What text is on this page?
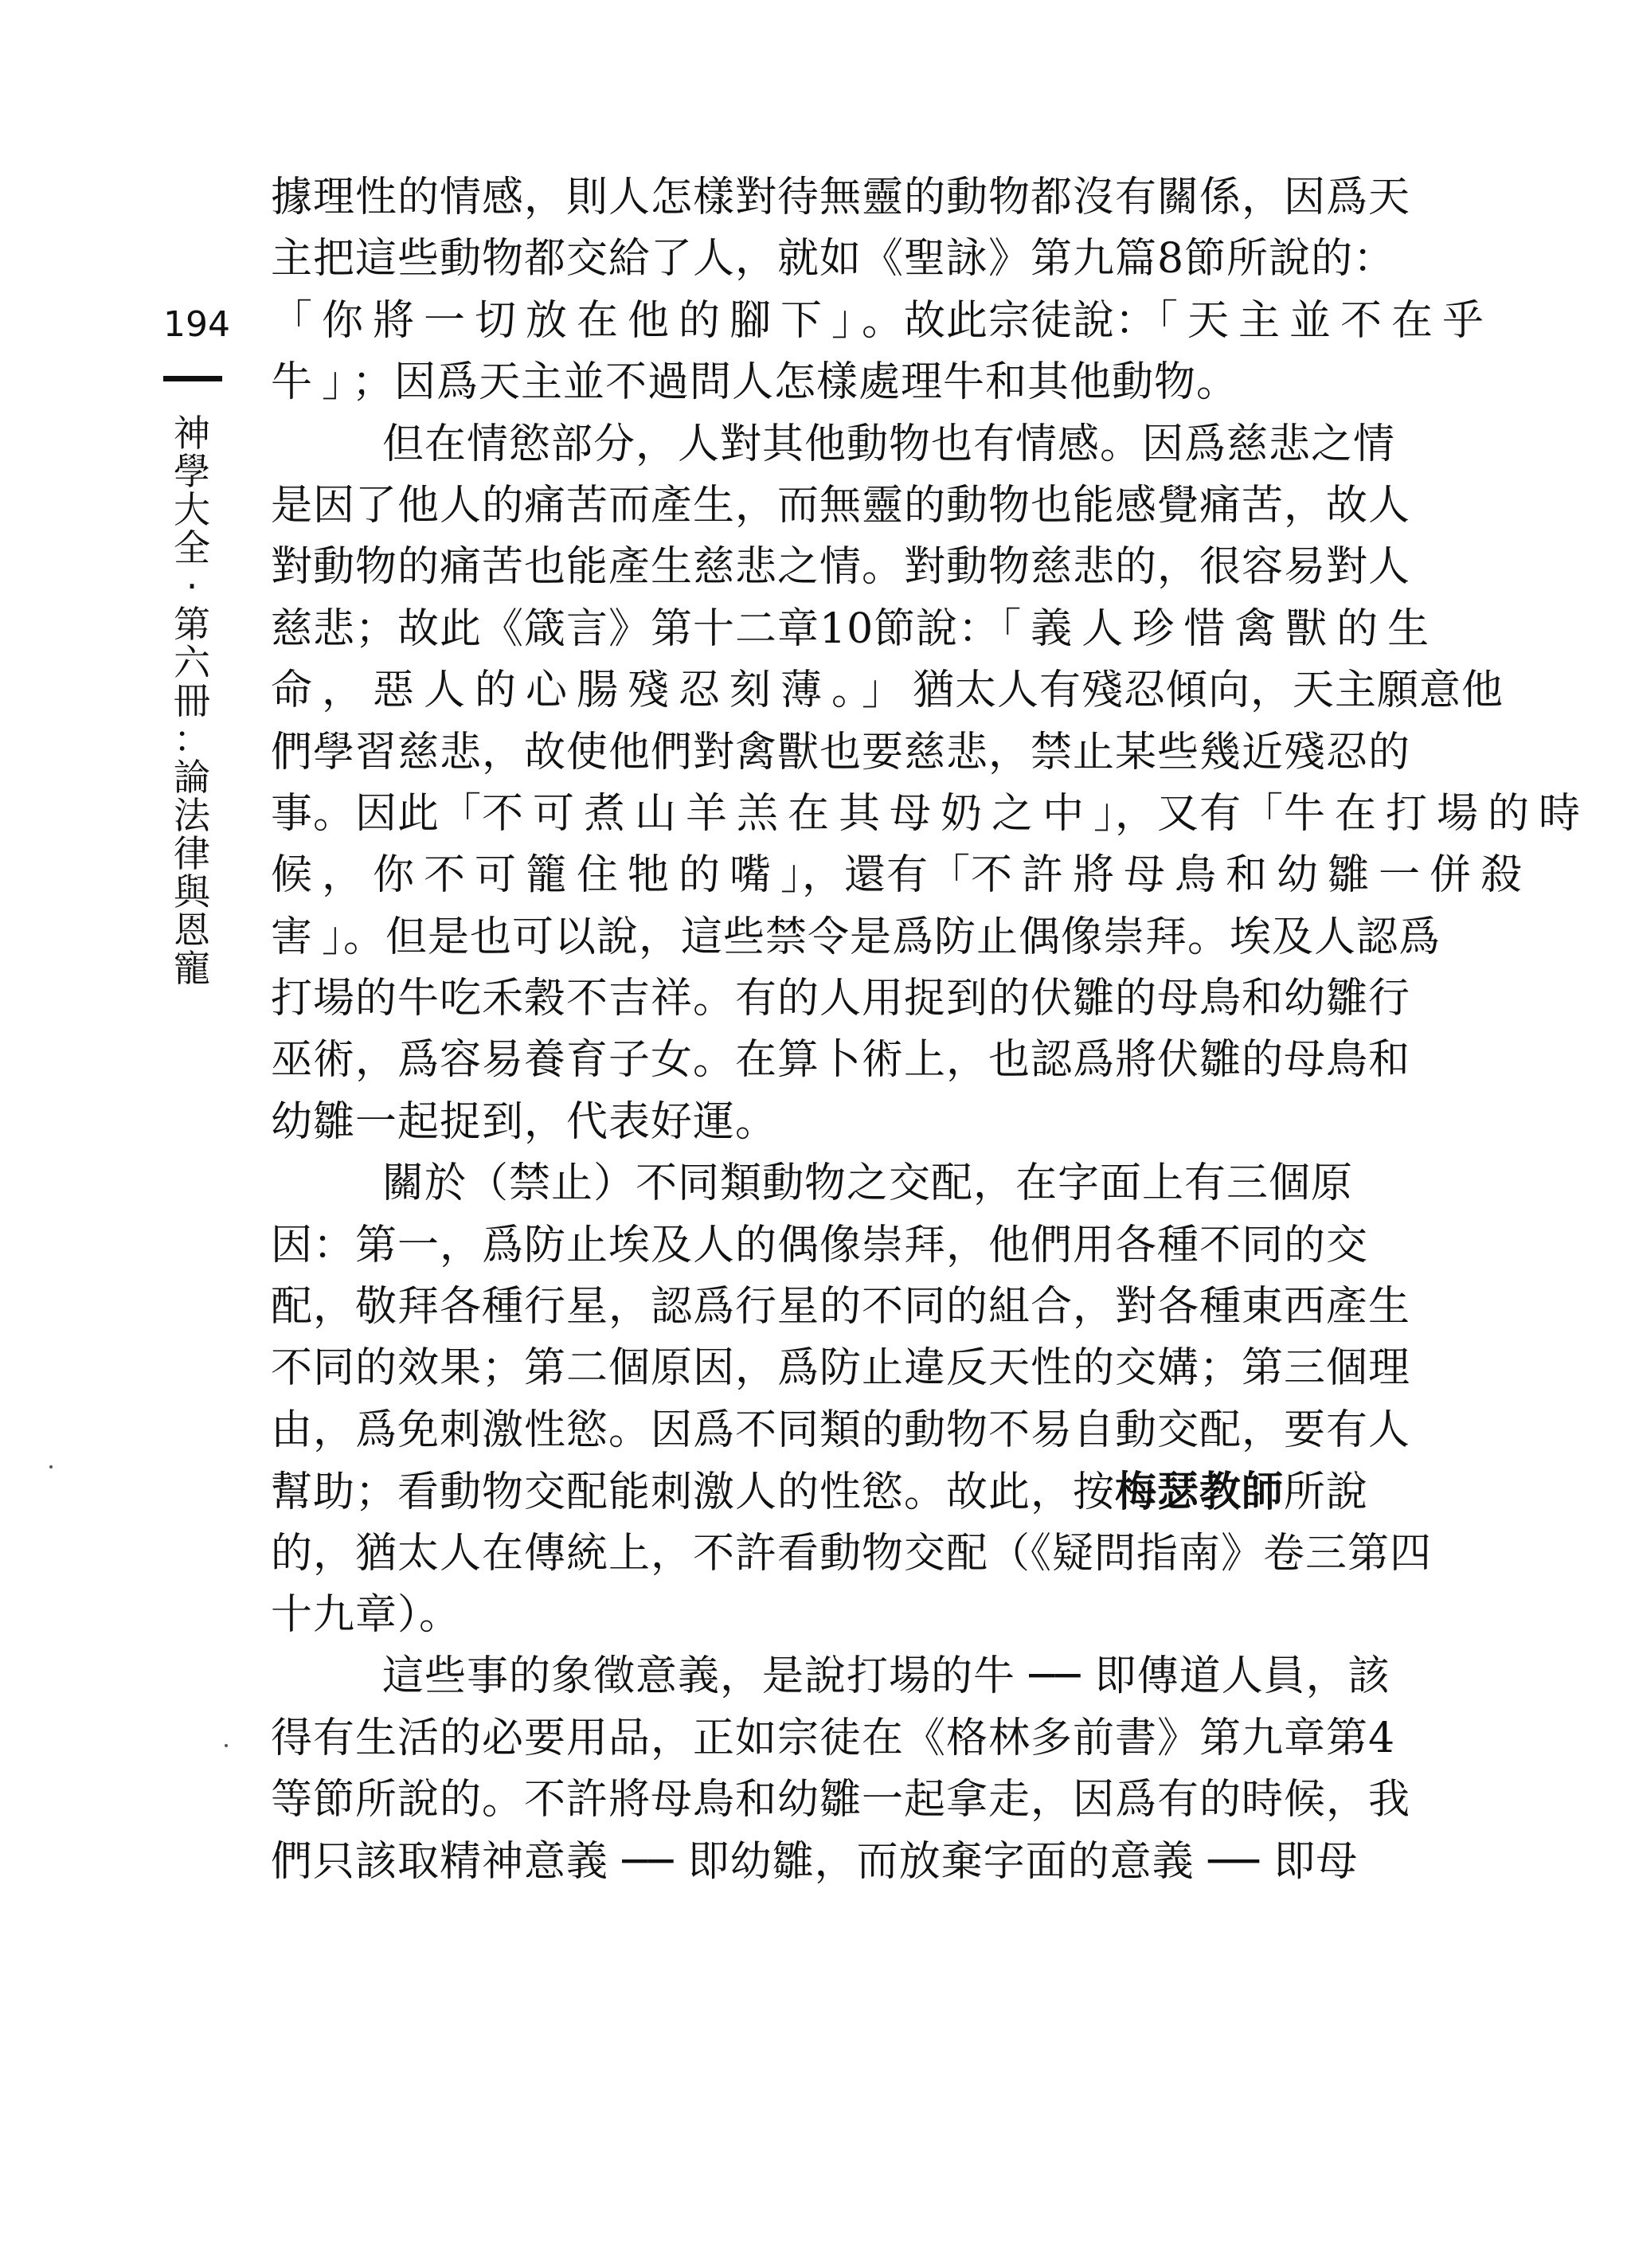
194
神
學
大
全
·
第
六
冊
：
論
法
律
與
恩
寵
據理性的情感，則人怎樣對待無靈的動物都沒有關係，因爲天
主把這些動物都交給了人，就如《聖詠》第九篇8節所說的：
「你將一切放在他的腳下」。故此宗徒說：「天主並不在乎
牛」；因爲天主並不過問人怎樣處理牛和其他動物。
但在情慾部分，人對其他動物也有情感。因爲慈悲之情
是因了他人的痛苦而產生，而無靈的動物也能感覺痛苦，故人
對動物的痛苦也能產生慈悲之情。對動物慈悲的，很容易對人
慈悲；故此《箴言》第十二章10節說：「義人珍惜禽獸的生
命，惡人的心腸殘忍刻薄。」猶太人有殘忍傾向，天主願意他
們學習慈悲，故使他們對禽獸也要慈悲，禁止某些幾近殘忍的
事。因此「不可煮山羊羔在其母奶之中」，又有「牛在打場的時
候，你不可籠住牠的嘴」，還有「不許將母鳥和幼雛一併殺
害」。但是也可以說，這些禁令是爲防止偶像崇拜。埃及人認爲
打場的牛吃禾穀不吉祥。有的人用捉到的伏雛的母鳥和幼雛行
巫術，爲容易養育子女。在算卜術上，也認爲將伏雛的母鳥和
幼雛一起捉到，代表好運。
關於（禁止）不同類動物之交配，在字面上有三個原
因：第一，爲防止埃及人的偶像崇拜，他們用各種不同的交
配，敬拜各種行星，認爲行星的不同的組合，對各種東西產生
不同的效果；第二個原因，爲防止違反天性的交媾；第三個理
由，爲免刺激性慾。因爲不同類的動物不易自動交配，要有人
幫助；看動物交配能刺激人的性慾。故此，按梅瑟教師所說
的，猶太人在傳統上，不許看動物交配（《疑問指南》卷三第四
十九章）。
這些事的象徵意義，是說打場的牛 ── 即傳道人員，該
得有生活的必要用品，正如宗徒在《格林多前書》第九章第4
等節所說的。不許將母鳥和幼雛一起拿走，因爲有的時候，我
們只該取精神意義 ── 即幼雛，而放棄字面的意義 ── 即母
